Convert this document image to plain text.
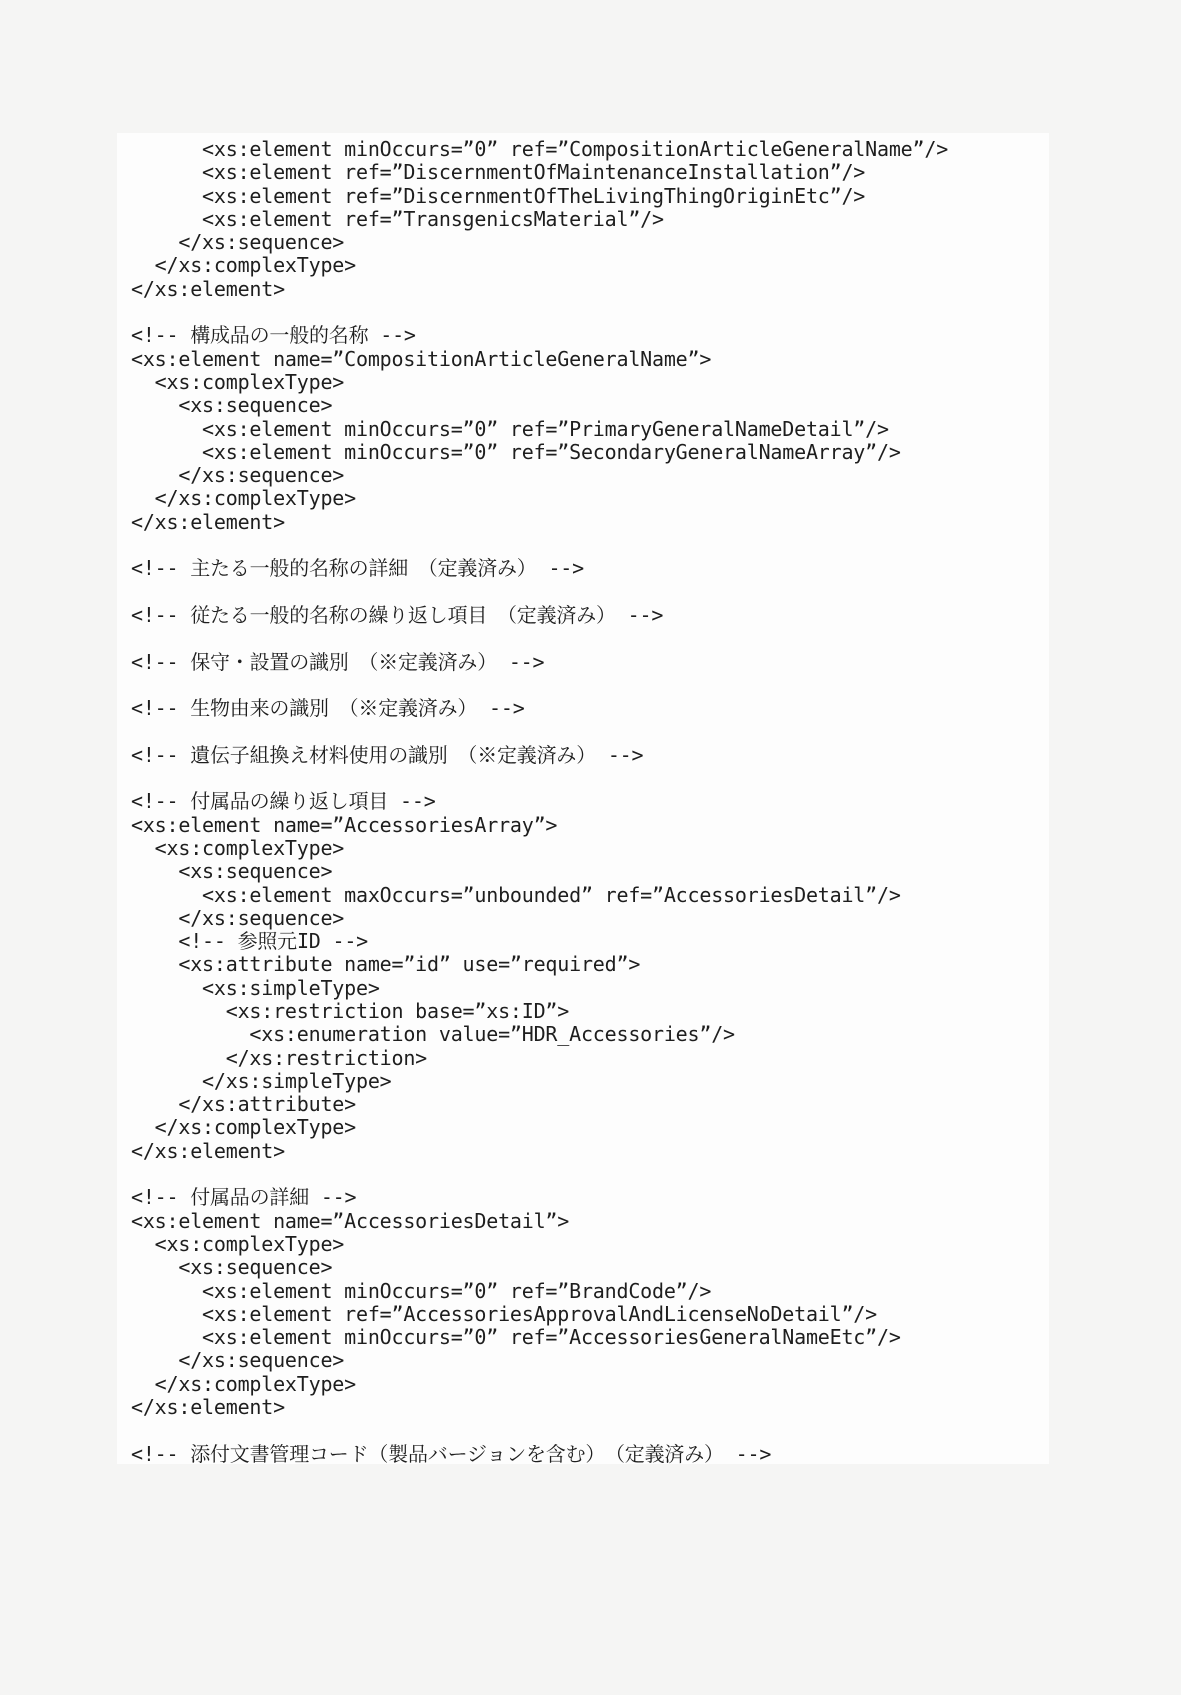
<xs:element minOccurs=”0” ref=”CompositionArticleGeneralName”/>
<xs:element ref=”DiscernmentOfMaintenanceInstallation”/>
<xs:element ref=”DiscernmentOfTheLivingThingOriginEtc”/>
<xs:element ref=”TransgenicsMaterial”/>
</xs:sequence>
</xs:complexType>
</xs:element>

<!-- 構成品の一般的名称 -->
<xs:element name=”CompositionArticleGeneralName”>
<xs:complexType>
<xs:sequence>
<xs:element minOccurs=”0” ref=”PrimaryGeneralNameDetail”/>
<xs:element minOccurs=”0” ref=”SecondaryGeneralNameArray”/>
</xs:sequence>
</xs:complexType>
</xs:element>

<!-- 主たる一般的名称の詳細　（定義済み） -->

<!-- 従たる一般的名称の繰り返し項目　（定義済み） -->

<!-- 保守・設置の識別　（※定義済み） -->

<!-- 生物由来の識別　（※定義済み） -->

<!-- 遺伝子組換え材料使用の識別　（※定義済み） -->

<!-- 付属品の繰り返し項目 -->
<xs:element name=”AccessoriesArray”>
<xs:complexType>
<xs:sequence>
<xs:element maxOccurs=”unbounded” ref=”AccessoriesDetail”/>
</xs:sequence>
<!-- 参照元ID -->
<xs:attribute name=”id” use=”required”>
<xs:simpleType>
<xs:restriction base=”xs:ID”>
<xs:enumeration value=”HDR_Accessories”/>
</xs:restriction>
</xs:simpleType>
</xs:attribute>
</xs:complexType>
</xs:element>

<!-- 付属品の詳細 -->
<xs:element name=”AccessoriesDetail”>
<xs:complexType>
<xs:sequence>
<xs:element minOccurs=”0” ref=”BrandCode”/>
<xs:element ref=”AccessoriesApprovalAndLicenseNoDetail”/>
<xs:element minOccurs=”0” ref=”AccessoriesGeneralNameEtc”/>
</xs:sequence>
</xs:complexType>
</xs:element>

<!-- 添付文書管理コード（製品バージョンを含む）　（定義済み） -->
